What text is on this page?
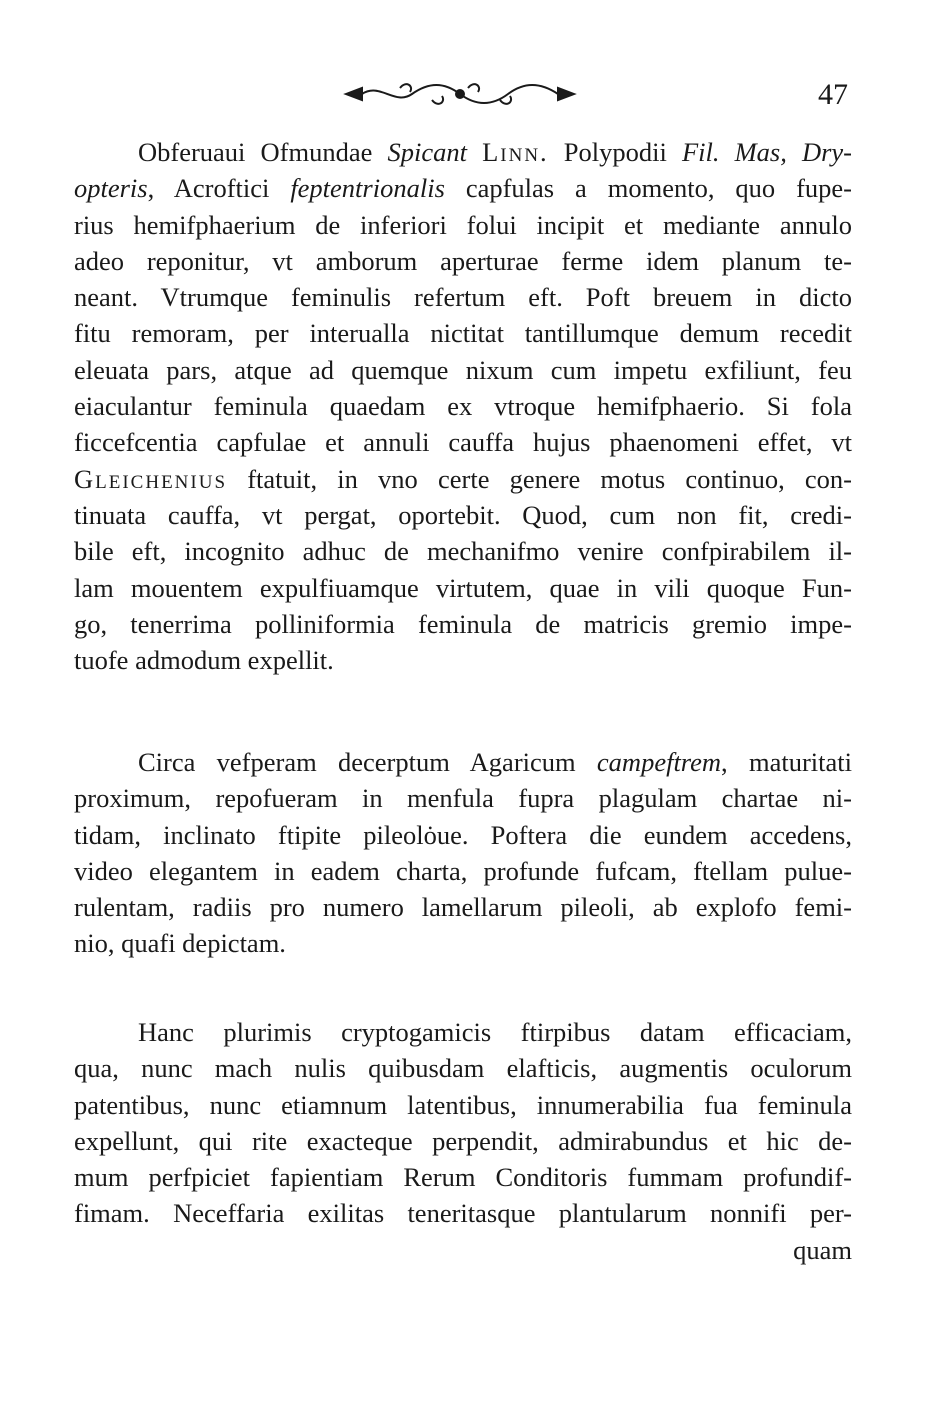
47
Obferuaui Ofmundae Spicant Linn. Polypodii Fil. Mas, Dry-
opteris, Acroftici feptentrionalis capfulas a momento, quo fupe-
rius hemifphaerium de inferiori folui incipit et mediante annulo
adeo reponitur, vt amborum aperturae ferme idem planum te-
neant. Vtrumque feminulis refertum eft. Poft breuem in dicto
fitu remoram, per interualla nictitat tantillumque demum recedit
eleuata pars, atque ad quemque nixum cum impetu exfiliunt, feu
eiaculantur feminula quaedam ex vtroque hemifphaerio. Si fola
ficcefcentia capfulae et annuli cauffa hujus phaenomeni effet, vt
Gleichenius ftatuit, in vno certe genere motus continuo, con-
tinuata cauffa, vt pergat, oportebit. Quod, cum non fit, credi-
bile eft, incognito adhuc de mechanifmo venire confpirabilem il-
lam mouentem expulfiuamque virtutem, quae in vili quoque Fun-
go, tenerrima polliniformia feminula de matricis gremio impe-
tuofe admodum expellit.
Circa vefperam decerptum Agaricum campeftrem, maturitati
proximum, repofueram in menfula fupra plagulam chartae ni-
tidam, inclinato ftipite pileolȯue. Poftera die eundem accedens,
video elegantem in eadem charta, profunde fufcam, ftellam pulue-
rulentam, radiis pro numero lamellarum pileoli, ab explofo femi-
nio, quafi depictam.
Hanc plurimis cryptogamicis ftirpibus datam efficaciam,
qua, nunc mach nulis quibusdam elafticis, augmentis oculorum
patentibus, nunc etiamnum latentibus, innumerabilia fua feminula
expellunt, qui rite exacteque perpendit, admirabundus et hic de-
mum perfpiciet fapientiam Rerum Conditoris fummam profundif-
fimam. Neceffaria exilitas teneritasque plantularum nonnifi per-
quam
